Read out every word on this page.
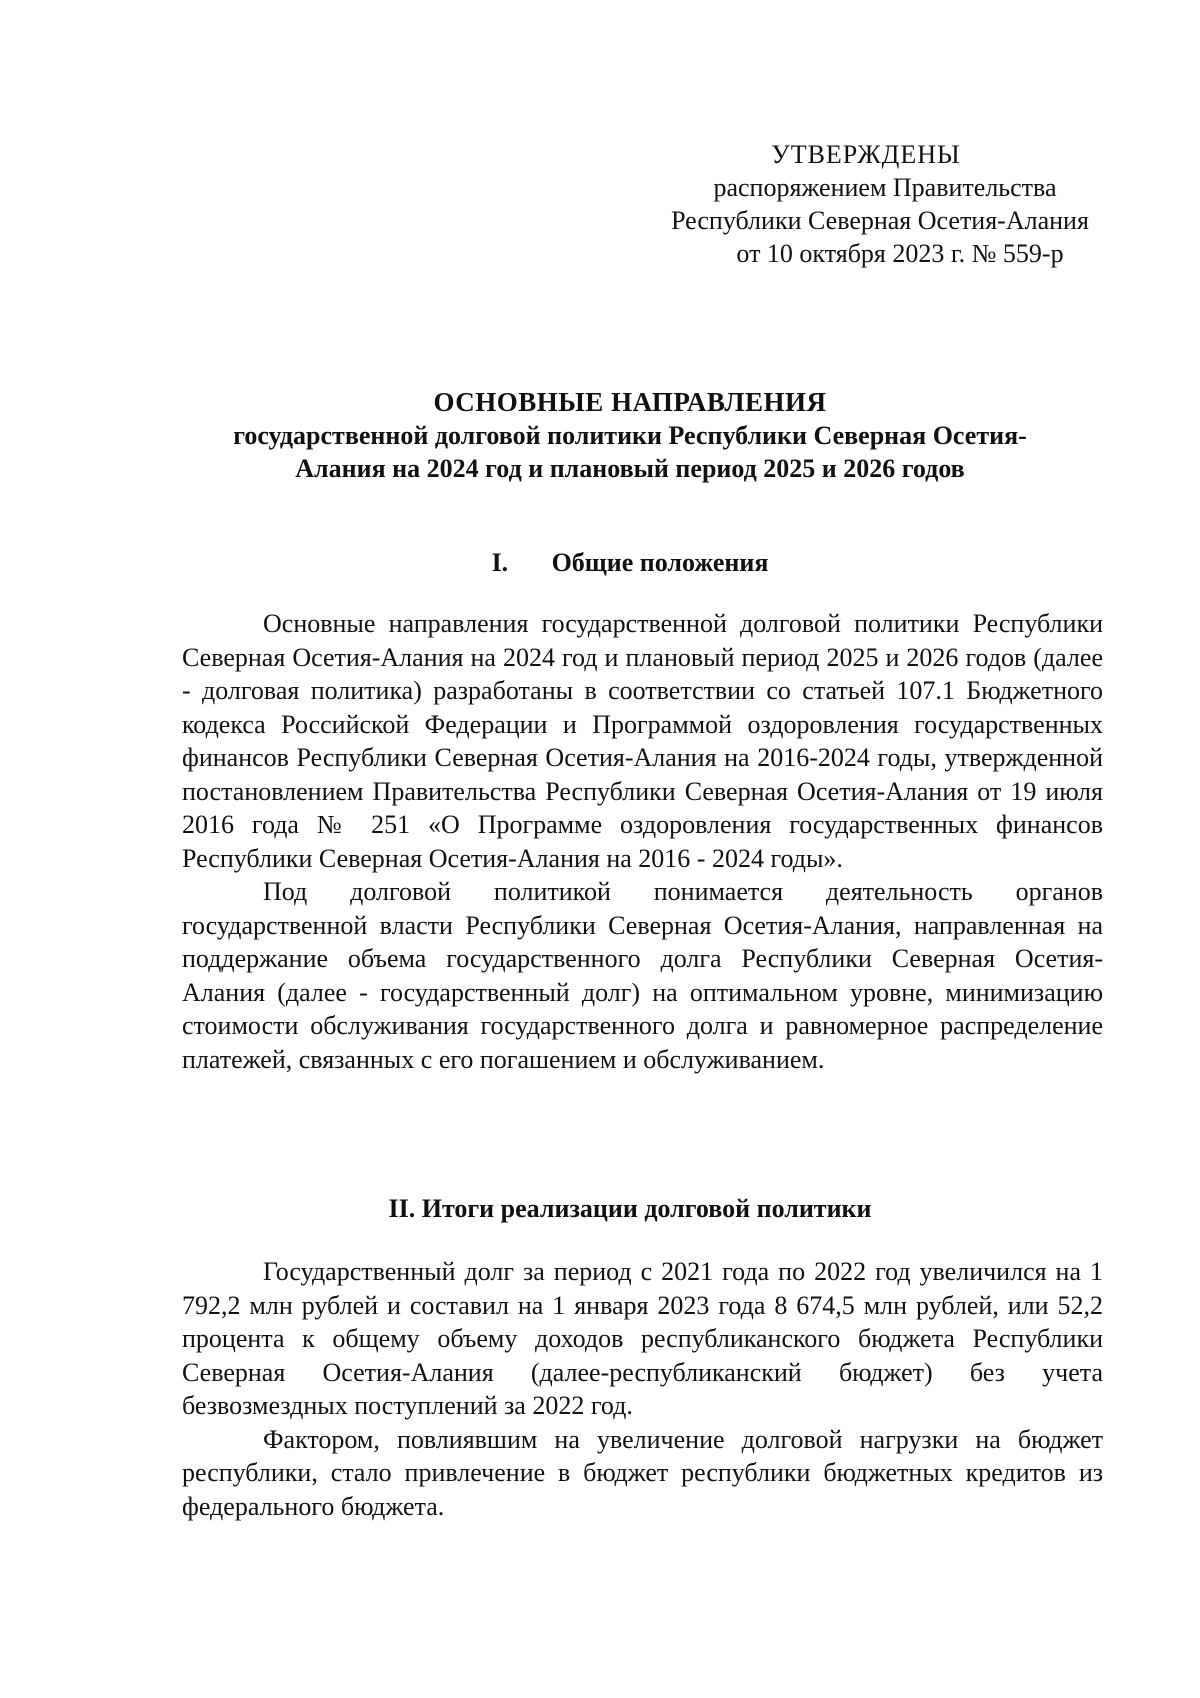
УТВЕРЖДЕНЫ
распоряжением Правительства
Республики Северная Осетия-Алания
от 10 октября 2023 г. № 559-р
ОСНОВНЫЕ НАПРАВЛЕНИЯ
государственной долговой политики Республики Северная Осетия-
Алания на 2024 год и плановый период 2025 и 2026 годов
I. Общие положения

Основные направления государственной долговой политики Республики Северная Осетия-Алания на 2024 год и плановый период 2025 и 2026 годов (далее - долговая политика) разработаны в соответствии со статьей 107.1 Бюджетного кодекса Российской Федерации и Программой оздоровления государственных финансов Республики Северная Осетия-Алания на 2016-2024 годы, утвержденной постановлением Правительства Республики Северная Осетия-Алания от 19 июля 2016 года № 251 «О Программе оздоровления государственных финансов Республики Северная Осетия-Алания на 2016 - 2024 годы».

Под долговой политикой понимается деятельность органов государственной власти Республики Северная Осетия-Алания, направленная на поддержание объема государственного долга Республики Северная Осетия-Алания (далее - государственный долг) на оптимальном уровне, минимизацию стоимости обслуживания государственного долга и равномерное распределение платежей, связанных с его погашением и обслуживанием.

II. Итоги реализации долговой политики

Государственный долг за период с 2021 года по 2022 год увеличился на 1 792,2 млн рублей и составил на 1 января 2023 года 8 674,5 млн рублей, или 52,2 процента к общему объему доходов республиканского бюджета Республики Северная Осетия-Алания (далее-республиканский бюджет) без учета безвозмездных поступлений за 2022 год.

Фактором, повлиявшим на увеличение долговой нагрузки на бюджет республики, стало привлечение в бюджет республики бюджетных кредитов из федерального бюджета.
